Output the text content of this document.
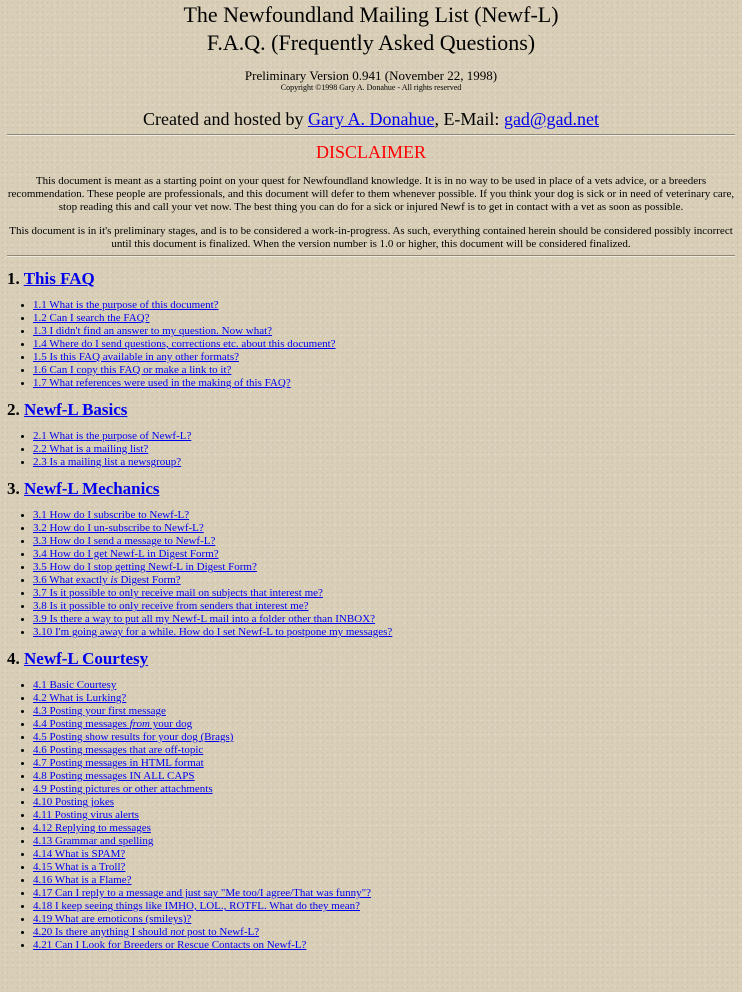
The Newfoundland Mailing List (Newf-L)
F.A.Q. (Frequently Asked Questions)
Preliminary Version 0.941 (November 22, 1998)
Copyright ©1998 Gary A. Donahue - All rights reserved
Created and hosted by Gary A. Donahue, E-Mail: gad@gad.net
DISCLAIMER

This document is meant as a starting point on your quest for Newfoundland knowledge. It is in no way to be used in place of a vets advice, or a breeders recommendation. These people are professionals, and this document will defer to them whenever possible. If you think your dog is sick or in need of veterinary care, stop reading this and call your vet now. The best thing you can do for a sick or injured Newf is to get in contact with a vet as soon as possible.

This document is in it's preliminary stages, and is to be considered a work-in-progress. As such, everything contained herein should be considered possibly incorrect until this document is finalized. When the version number is 1.0 or higher, this document will be considered finalized.

1. This FAQ
• 1.1 What is the purpose of this document?
• 1.2 Can I search the FAQ?
• 1.3 I didn't find an answer to my question. Now what?
• 1.4 Where do I send questions, corrections etc. about this document?
• 1.5 Is this FAQ available in any other formats?
• 1.6 Can I copy this FAQ or make a link to it?
• 1.7 What references were used in the making of this FAQ?
2. Newf-L Basics
• 2.1 What is the purpose of Newf-L?
• 2.2 What is a mailing list?
• 2.3 Is a mailing list a newsgroup?
3. Newf-L Mechanics
• 3.1 How do I subscribe to Newf-L?
• 3.2 How do I un-subscribe to Newf-L?
• 3.3 How do I send a message to Newf-L?
• 3.4 How do I get Newf-L in Digest Form?
• 3.5 How do I stop getting Newf-L in Digest Form?
• 3.6 What exactly is Digest Form?
• 3.7 Is it possible to only receive mail on subjects that interest me?
• 3.8 Is it possible to only receive from senders that interest me?
• 3.9 Is there a way to put all my Newf-L mail into a folder other than INBOX?
• 3.10 I'm going away for a while. How do I set Newf-L to postpone my messages?
4. Newf-L Courtesy
• 4.1 Basic Courtesy
• 4.2 What is Lurking?
• 4.3 Posting your first message
• 4.4 Posting messages from your dog
• 4.5 Posting show results for your dog (Brags)
• 4.6 Posting messages that are off-topic
• 4.7 Posting messages in HTML format
• 4.8 Posting messages IN ALL CAPS
• 4.9 Posting pictures or other attachments
• 4.10 Posting jokes
• 4.11 Posting virus alerts
• 4.12 Replying to messages
• 4.13 Grammar and spelling
• 4.14 What is SPAM?
• 4.15 What is a Troll?
• 4.16 What is a Flame?
• 4.17 Can I reply to a message and just say "Me too/I agree/That was funny"?
• 4.18 I keep seeing things like IMHO, LOL., ROTFL. What do they mean?
• 4.19 What are emoticons (smileys)?
• 4.20 Is there anything I should not post to Newf-L?
• 4.21 Can I Look for Breeders or Rescue Contacts on Newf-L?
